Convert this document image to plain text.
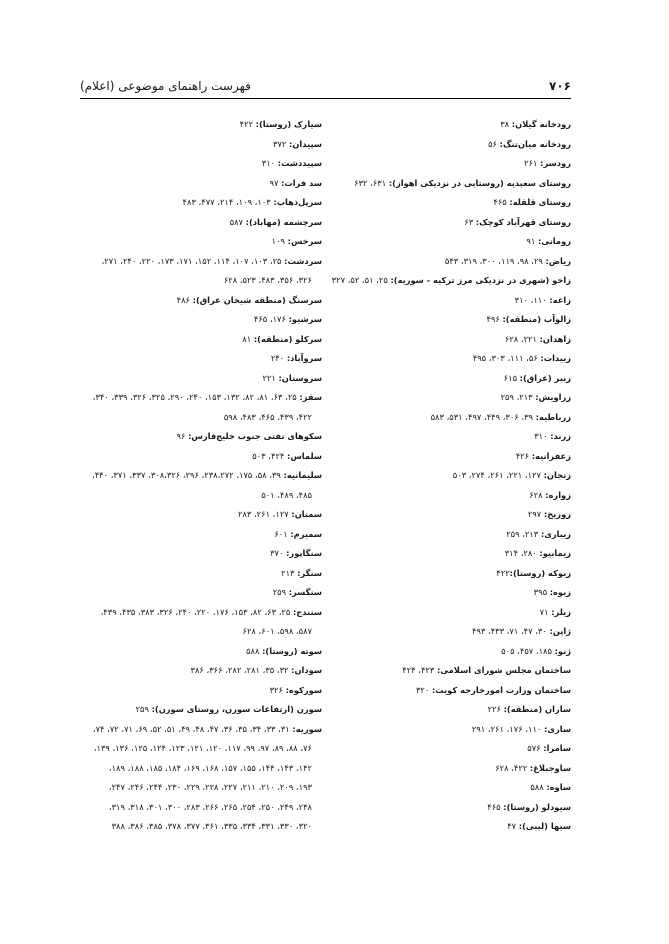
۷۰۶
فهرست راهنمای موضوعی (اعلام)
رودخانه گیلان: ۳۸
رودخانه میان‌تنگ: ۵۶
رودسر: ۲۶۱
روستای سعیدیه (روستایی در نزدیکی اهواز): ۶۳۱، ۶۳۲
روستای قلقله: ۴۶۵
روستای قهرآباد کوچک: ۶۳
رومانی: ۹۱
ریاض: ۲۹، ۹۸، ۱۱۹، ۳۰۰، ۳۱۹، ۵۴۳
زاخو (شهری در نزدیکی مرز ترکیه - سوریه): ۲۵، ۵۱، ۵۲، ۳۲۷
زاغه: ۱۱۰، ۳۱۰
زالوآب (منطقه): ۴۹۶
زاهدان: ۲۲۱، ۶۲۸
زبیدات: ۵۶، ۱۱۱، ۳۰۳، ۴۹۵
زبیر (عراق): ۶۱۵
زراویش: ۲۱۳، ۲۵۹
زرباطیه: ۳۹، ۳۰۶، ۴۴۹، ۴۹۷، ۵۳۱، ۵۸۳
زرند: ۳۱۰
زعفرانیه: ۴۲۶
زنجان: ۱۲۷، ۲۲۱، ۲۶۱، ۲۷۴، ۵۰۳
زواره: ۶۲۸
زوریخ: ۲۹۷
زیباری: ۲۱۳، ۲۵۹
زیمابیو: ۲۸۰، ۳۱۴
زیوکه (روستا):۴۲۲
زیوه: ۳۹۵
زیلر: ۷۱
ژاپن: ۳۰، ۴۷، ۷۱، ۴۳۳، ۴۹۳
ژنو: ۱۸۵، ۴۵۷، ۵۰۵
ساختمان مجلس شورای اسلامی: ۴۲۳، ۴۲۴
ساختمان وزارت امورخارجه کویت: ۳۲۰
ساران (منطقه): ۲۲۶
ساری: ۱۱۰، ۱۷۶، ۲۶۱، ۲۹۱
سامرا: ۵۷۶
ساوجبلاغ: ۴۲۲، ۶۲۸
ساوه: ۵۸۸
سیودلو (روستا): ۴۶۵
سیها (لیبی): ۴۷
سیارک (روستا): ۴۲۲
سپیدان: ۳۷۲
سپیددشت: ۳۱۰
سد فرات: ۹۷
سرپل‌ذهاب: ۱۰۳، ۱۰۹، ۲۱۴، ۴۷۷، ۴۸۳
سرچشمه (مهاباد): ۵۸۷
سرخس: ۱۰۹
سردشت: ۲۵، ۱۰۳، ۱۰۷، ۱۱۴، ۱۵۲، ۱۷۱، ۱۷۳، ۲۲۰، ۲۴۰، ۲۷۱،
۳۲۶، ۳۵۶، ۴۸۳، ۵۲۳، ۶۲۸
سرسنگ (منطقه شیخان عراق): ۴۸۶
سرشیو: ۱۷۶، ۴۶۵
سرکلو (منطقه): ۸۱
سروآباد: ۲۴۰
سروستان: ۲۲۱
سقز: ۲۵، ۶۳، ۸۱، ۸۲، ۱۳۲، ۱۵۳، ۲۴۰، ۲۹۰، ۳۲۵، ۳۲۶، ۳۳۹، ۳۴۰،
۴۲۲، ۴۳۹، ۴۶۵، ۴۸۳، ۵۹۸
سکوهای نفتی جنوب خلیج‌فارس: ۹۶
سلماس: ۴۲۴، ۵۰۳
سلیمانیه: ۳۹، ۵۸، ۱۷۵، ۲۳۸،۲۷۲، ۲۹۶، ۳۰۸،۳۲۶، ۳۳۷، ۳۷۱، ۴۴۰،
۴۸۵، ۴۸۹، ۵۰۱
سمنان: ۱۲۷، ۲۶۱، ۲۸۳
سمیرم: ۶۰۱
سنگاپور: ۳۷۰
سنگر: ۲۱۳
سنگسر: ۲۵۹
سنندج: ۲۵، ۶۳، ۸۲، ۱۵۳، ۱۷۶، ۲۲۰، ۲۴۰، ۳۲۶، ۳۸۳، ۴۳۵، ۴۳۹،
۵۸۷، ۵۹۸، ۶۰۱، ۶۲۸
سوته (روستا): ۵۸۸
سودان: ۳۲، ۳۵، ۲۸۱، ۲۸۲، ۳۶۶، ۳۸۶
سورکوه: ۳۲۶
سورن (ارتفاعات سورن، روستای سورن): ۲۵۹
سوریه: ۳۱، ۳۳، ۳۴، ۳۵، ۳۶، ۴۷، ۴۸، ۴۹، ۵۱، ۵۲، ۶۹، ۷۱، ۷۲، ۷۴،
۷۶، ۸۸، ۸۹، ۹۷، ۹۹، ۱۱۷، ۱۲۰، ۱۲۱، ۱۲۳، ۱۲۴، ۱۲۵، ۱۳۶، ۱۳۹،
۱۴۲، ۱۴۳، ۱۴۴، ۱۵۵، ۱۵۷، ۱۶۸، ۱۶۹، ۱۸۴، ۱۸۵، ۱۸۸، ۱۸۹،
۱۹۳، ۲۰۹، ۲۱۰، ۲۱۱، ۲۲۷، ۲۲۸، ۲۲۹، ۲۳۰، ۲۴۴، ۲۴۶، ۲۴۷،
۲۴۸، ۲۴۹، ۲۵۰، ۲۵۴، ۲۶۵، ۲۶۶، ۲۸۳، ۳۰۰، ۳۰۱، ۳۱۸، ۳۱۹،
۳۲۰، ۳۳۰، ۳۳۱، ۳۳۴، ۳۳۵، ۳۶۱، ۳۷۷، ۳۷۸، ۳۸۵، ۳۸۶، ۳۸۸
